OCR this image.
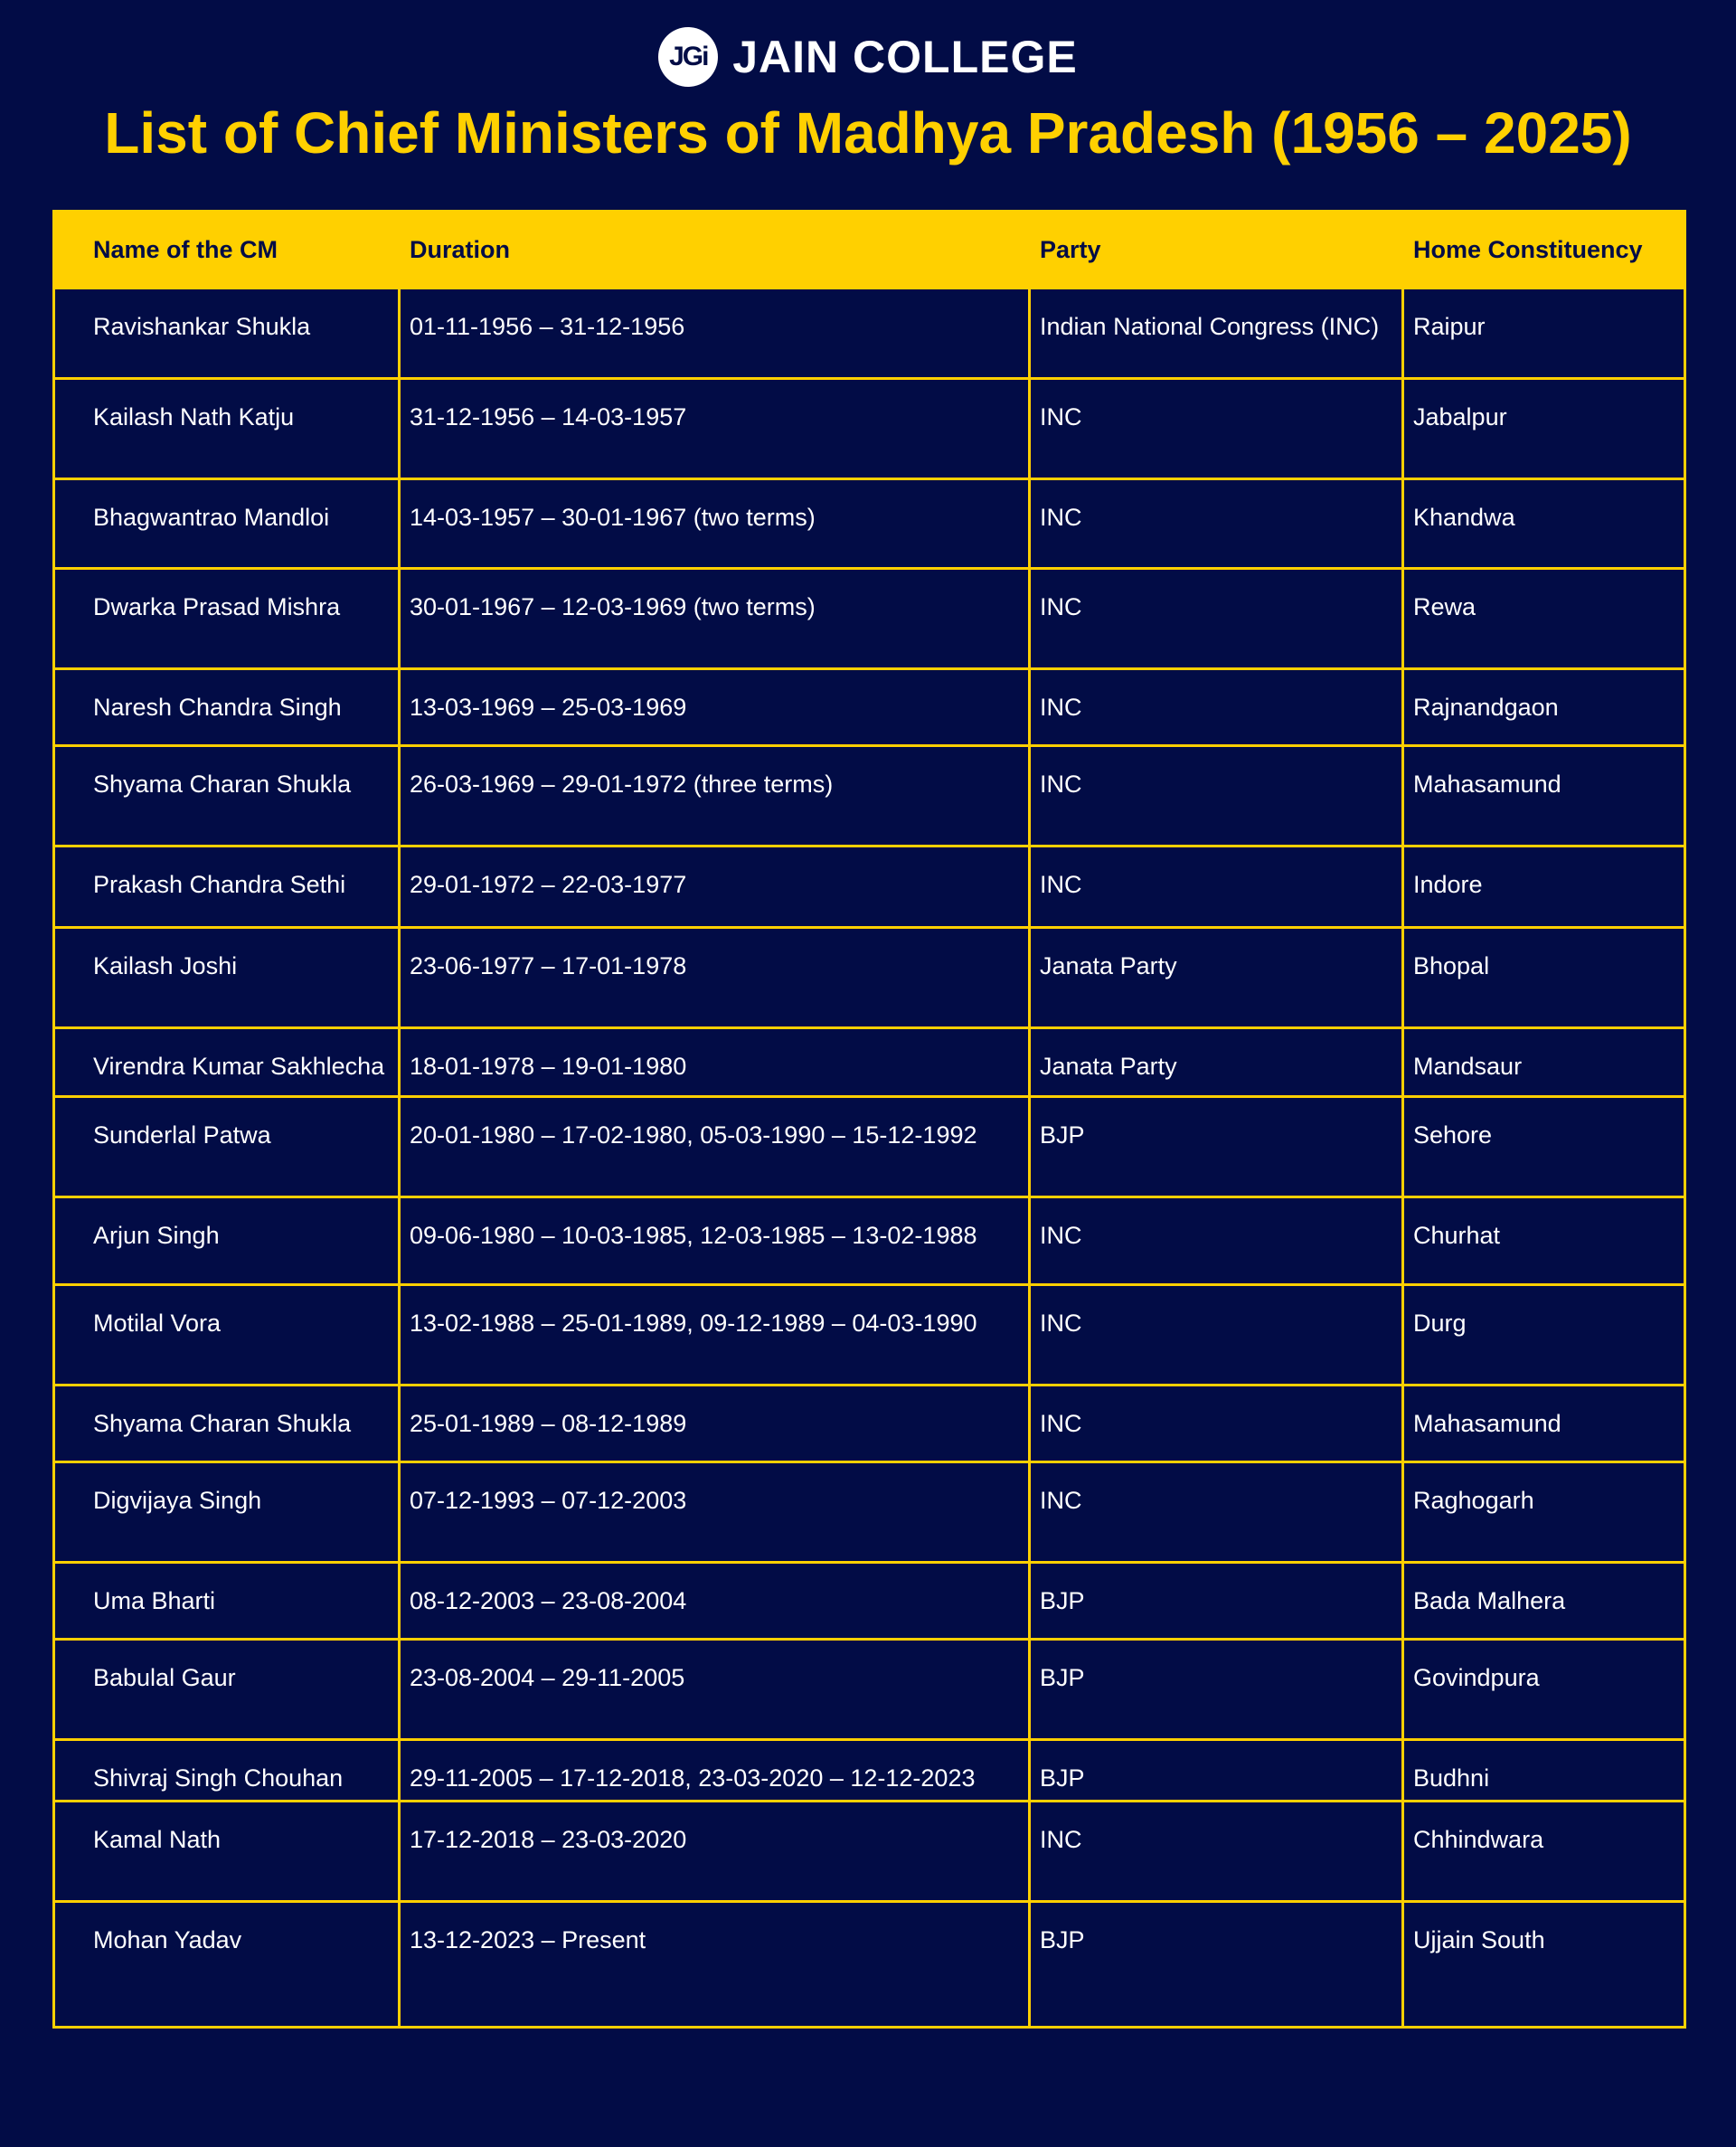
JGi JAIN COLLEGE
List of Chief Ministers of Madhya Pradesh (1956 – 2025)
Name of the CM	Duration	Party	Home Constituency
Ravishankar Shukla	01-11-1956 – 31-12-1956	Indian National Congress (INC)	Raipur
Kailash Nath Katju	31-12-1956 – 14-03-1957	INC	Jabalpur
Bhagwantrao Mandloi	14-03-1957 – 30-01-1967 (two terms)	INC	Khandwa
Dwarka Prasad Mishra	30-01-1967 – 12-03-1969 (two terms)	INC	Rewa
Naresh Chandra Singh	13-03-1969 – 25-03-1969	INC	Rajnandgaon
Shyama Charan Shukla	26-03-1969 – 29-01-1972 (three terms)	INC	Mahasamund
Prakash Chandra Sethi	29-01-1972 – 22-03-1977	INC	Indore
Kailash Joshi	23-06-1977 – 17-01-1978	Janata Party	Bhopal
Virendra Kumar Sakhlecha	18-01-1978 – 19-01-1980	Janata Party	Mandsaur
Sunderlal Patwa	20-01-1980 – 17-02-1980, 05-03-1990 – 15-12-1992	BJP	Sehore
Arjun Singh	09-06-1980 – 10-03-1985, 12-03-1985 – 13-02-1988	INC	Churhat
Motilal Vora	13-02-1988 – 25-01-1989, 09-12-1989 – 04-03-1990	INC	Durg
Shyama Charan Shukla	25-01-1989 – 08-12-1989	INC	Mahasamund
Digvijaya Singh	07-12-1993 – 07-12-2003	INC	Raghogarh
Uma Bharti	08-12-2003 – 23-08-2004	BJP	Bada Malhera
Babulal Gaur	23-08-2004 – 29-11-2005	BJP	Govindpura
Shivraj Singh Chouhan	29-11-2005 – 17-12-2018, 23-03-2020 – 12-12-2023	BJP	Budhni
Kamal Nath	17-12-2018 – 23-03-2020	INC	Chhindwara
Mohan Yadav	13-12-2023 – Present	BJP	Ujjain South
